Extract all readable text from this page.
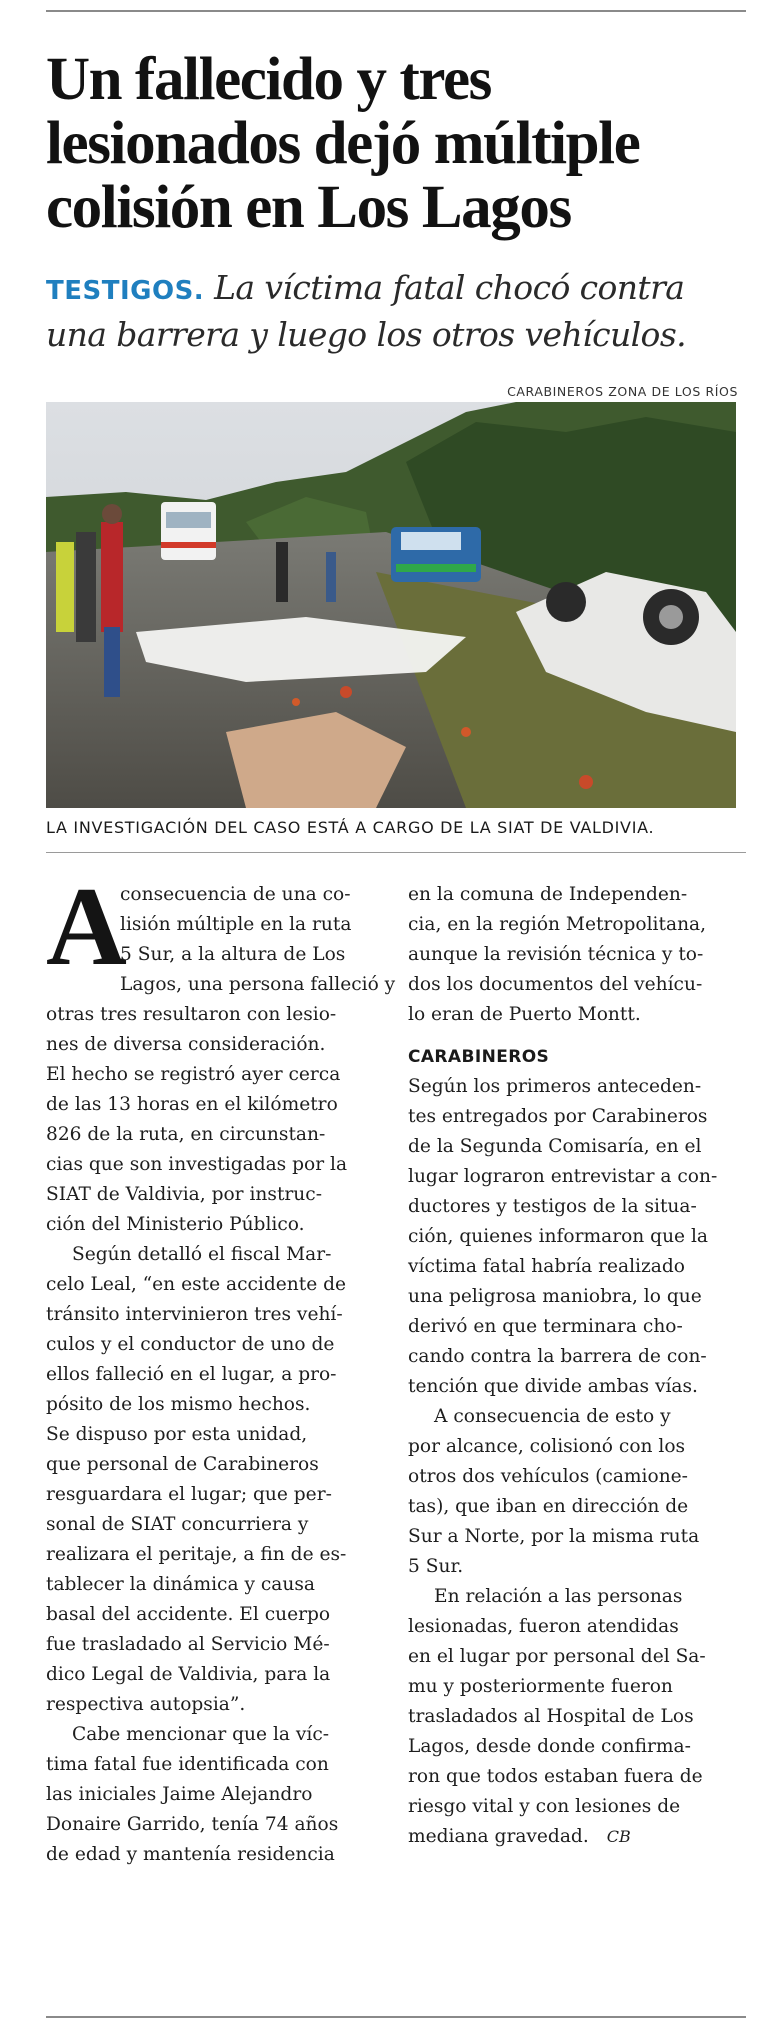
Un fallecido y tres
lesionados dejó múltiple
colisión en Los Lagos
TESTIGOS. La víctima fatal chocó contra
una barrera y luego los otros vehículos.
CARABINEROS ZONA DE LOS RÍOS
LA INVESTIGACIÓN DEL CASO ESTÁ A CARGO DE LA SIAT DE VALDIVIA.
A
consecuencia de una co-
lisión múltiple en la ruta
5 Sur, a la altura de Los
Lagos, una persona falleció y
otras tres resultaron con lesio-
nes de diversa consideración.
El hecho se registró ayer cerca
de las 13 horas en el kilómetro
826 de la ruta, en circunstan-
cias que son investigadas por la
SIAT de Valdivia, por instruc-
ción del Ministerio Público.
Según detalló el fiscal Mar-
celo Leal, “en este accidente de
tránsito intervinieron tres vehí-
culos y el conductor de uno de
ellos falleció en el lugar, a pro-
pósito de los mismo hechos.
Se dispuso por esta unidad,
que personal de Carabineros
resguardara el lugar; que per-
sonal de SIAT concurriera y
realizara el peritaje, a fin de es-
tablecer la dinámica y causa
basal del accidente. El cuerpo
fue trasladado al Servicio Mé-
dico Legal de Valdivia, para la
respectiva autopsia”.
Cabe mencionar que la víc-
tima fatal fue identificada con
las iniciales Jaime Alejandro
Donaire Garrido, tenía 74 años
de edad y mantenía residencia
en la comuna de Independen-
cia, en la región Metropolitana,
aunque la revisión técnica y to-
dos los documentos del vehícu-
lo eran de Puerto Montt.
CARABINEROS
Según los primeros anteceden-
tes entregados por Carabineros
de la Segunda Comisaría, en el
lugar lograron entrevistar a con-
ductores y testigos de la situa-
ción, quienes informaron que la
víctima fatal habría realizado
una peligrosa maniobra, lo que
derivó en que terminara cho-
cando contra la barrera de con-
tención que divide ambas vías.
A consecuencia de esto y
por alcance, colisionó con los
otros dos vehículos (camione-
tas), que iban en dirección de
Sur a Norte, por la misma ruta
5 Sur.
En relación a las personas
lesionadas, fueron atendidas
en el lugar por personal del Sa-
mu y posteriormente fueron
trasladados al Hospital de Los
Lagos, desde donde confirma-
ron que todos estaban fuera de
riesgo vital y con lesiones de
mediana gravedad. CB
